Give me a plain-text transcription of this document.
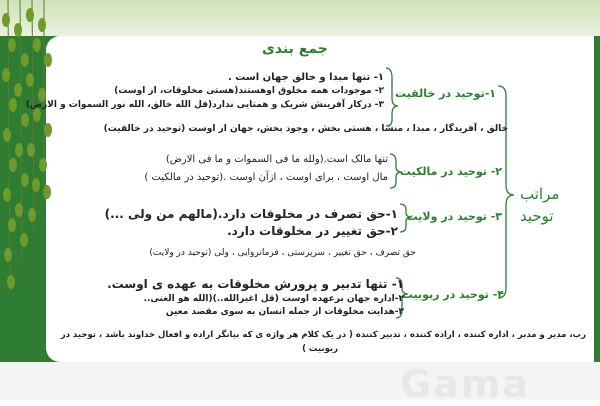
جمع بندی
مراتب
توحید
١-توحید در خالقیت
١- تنها مبدا و خالق جهان است .
٢- موجودات همه مخلوق اوهستند(هستی مخلوقات، از اوست)
٣- درکار آفرینش شریک و همتایی ندارد(قل الله خالق، الله نور السموات و الارض)
خالق ، آفریدگار ، مبدا ، منشا ، هستی بخش ، وجود بخش، جهان از اوست (توحید در خالقیت)
٢- توحید در مالکیت
تنها مالک است.(ولله ما فی السموات و ما فی الارض)
مال اوست ، برای اوست ، ازآن اوست .(توحید در مالکیت )
٣- توحید در ولایت
١-حق تصرف در مخلوقات دارد.(مالهم من ولی ...)
٢-حق تغییر در مخلوقات دارد.
حق تصرف ، حق تغییر ، سرپرستی ، فرمانروایی ، ولی (توحید در ولایت)
۴- توحید در ربوبیت
١- تنها تدبیر و پرورش مخلوقات به عهده ی اوست.
٢-اداره جهان برعهده اوست (قل اغیرالله..)(الله هو الغنی..
٣-هدایت مخلوقات از جمله انسان به سوی مقصد معین
رب، مدیر و مدبر ، اداره کننده ، اراده کننده ، تدبیر کننده ( در یک کلام هر واژه ی که بیانگر اراده و افعال خداوند باشد ، توحید در
ربوبیت )
Gama
